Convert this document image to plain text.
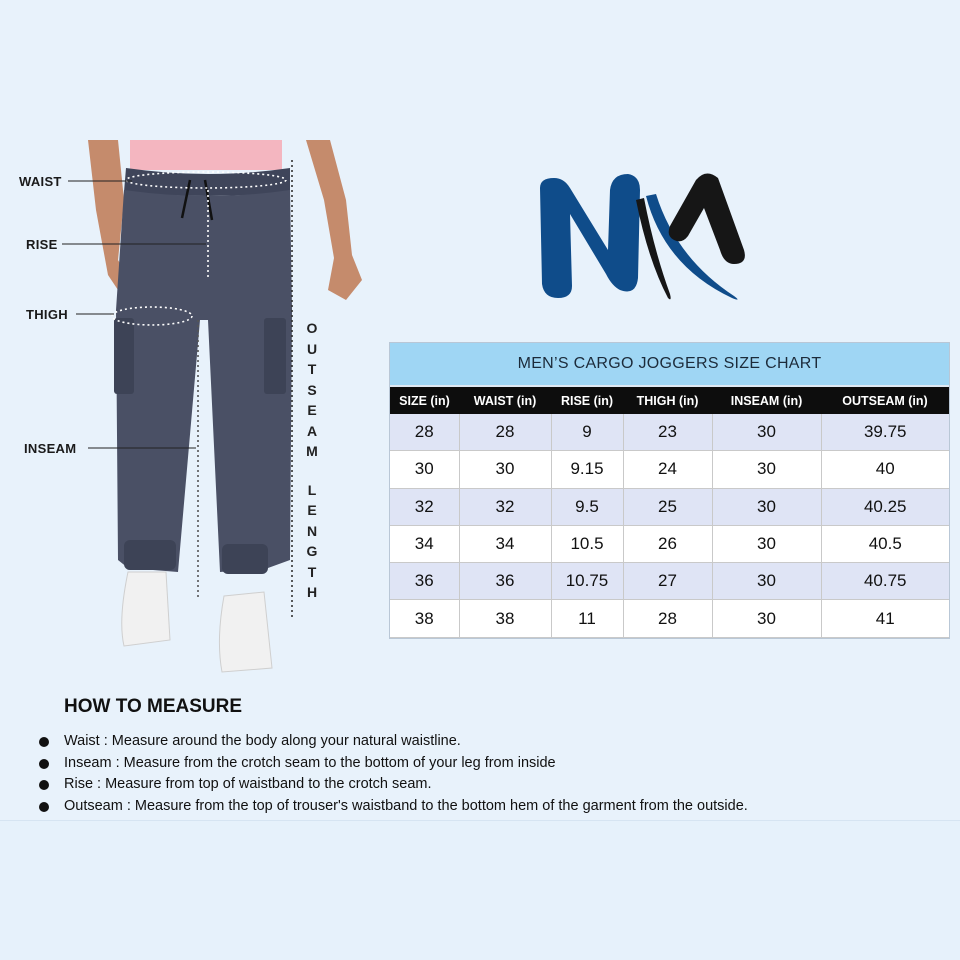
WAIST
RISE
THIGH
INSEAM
O
U
T
S
E
A
M
L
E
N
G
T
H
MEN’S CARGO JOGGERS SIZE CHART
SIZE (in)	WAIST (in)	RISE (in)	THIGH (in)	INSEAM (in)	OUTSEAM (in)
28	28	9	23	30	39.75
30	30	9.15	24	30	40
32	32	9.5	25	30	40.25
34	34	10.5	26	30	40.5
36	36	10.75	27	30	40.75
38	38	11	28	30	41
HOW TO MEASURE
Waist : Measure around the body along your natural waistline.
Inseam : Measure from the crotch seam to the bottom of your leg from inside
Rise : Measure from top of waistband to the crotch seam.
Outseam : Measure from the top of trouser's waistband to the bottom hem of the garment from the outside.
